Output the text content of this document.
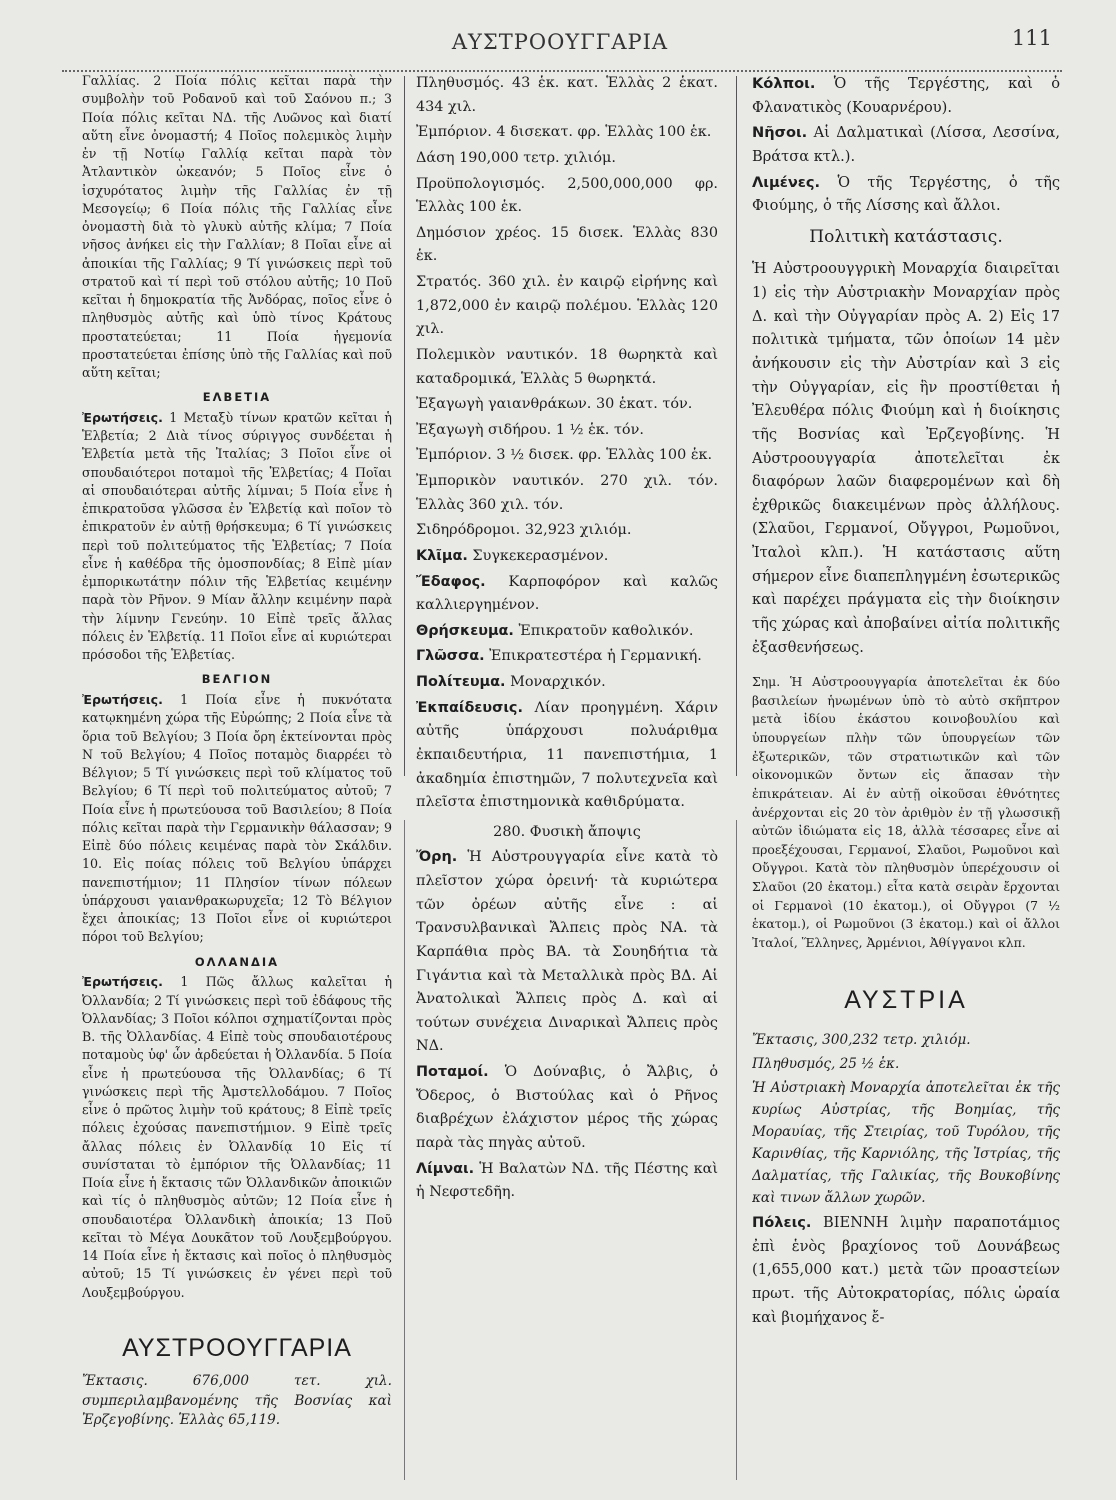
ΑΥΣΤΡΟΟΥΓΓΑΡΙΑ	111

Γαλλίας. 2 Ποία πόλις κεῖται παρὰ τὴν συμβολὴν τοῦ Ροδανοῦ καὶ τοῦ Σαόνου π.; 3 Ποία πόλις κεῖται ΝΔ. τῆς Λυῶνος καὶ διατί αὕτη εἶνε ὀνομαστή; 4 Ποῖος πολεμικὸς λιμὴν ἐν τῇ Νοτίῳ Γαλλίᾳ κεῖται παρὰ τὸν Ἀτλαντικὸν ὠκεανόν; 5 Ποῖος εἶνε ὁ ἰσχυρότατος λιμὴν τῆς Γαλλίας ἐν τῇ Μεσογείῳ; 6 Ποία πόλις τῆς Γαλλίας εἶνε ὀνομαστὴ διὰ τὸ γλυκὺ αὐτῆς κλίμα; 7 Ποία νῆσος ἀνήκει εἰς τὴν Γαλλίαν; 8 Ποῖαι εἶνε αἱ ἀποικίαι τῆς Γαλλίας; 9 Τί γινώσκεις περὶ τοῦ στρατοῦ καὶ τί περὶ τοῦ στόλου αὐτῆς; 10 Ποῦ κεῖται ἡ δημοκρατία τῆς Ἀνδόρας, ποῖος εἶνε ὁ πληθυσμὸς αὐτῆς καὶ ὑπὸ τίνος Κράτους προστατεύεται; 11 Ποία ἡγεμονία προστατεύεται ἐπίσης ὑπὸ τῆς Γαλλίας καὶ ποῦ αὕτη κεῖται;

ΕΛΒΕΤΙΑ

Ἐρωτήσεις. 1 Μεταξὺ τίνων κρατῶν κεῖται ἡ Ἑλβετία; 2 Διὰ τίνος σύριγγος συνδέεται ἡ Ἑλβετία μετὰ τῆς Ἰταλίας; 3 Ποῖοι εἶνε οἱ σπουδαιότεροι ποταμοὶ τῆς Ἑλβετίας; 4 Ποῖαι αἱ σπουδαιότεραι αὐτῆς λίμναι; 5 Ποία εἶνε ἡ ἐπικρατοῦσα γλῶσσα ἐν Ἑλβετίᾳ καὶ ποῖον τὸ ἐπικρατοῦν ἐν αὐτῇ θρήσκευμα; 6 Τί γινώσκεις περὶ τοῦ πολιτεύματος τῆς Ἑλβετίας; 7 Ποία εἶνε ἡ καθέδρα τῆς ὁμοσπονδίας; 8 Εἰπὲ μίαν ἐμπορικωτάτην πόλιν τῆς Ἑλβετίας κειμένην παρὰ τὸν Ρῆνον. 9 Μίαν ἄλλην κειμένην παρὰ τὴν λίμνην Γενεύην. 10 Εἰπὲ τρεῖς ἄλλας πόλεις ἐν Ἑλβετίᾳ. 11 Ποῖοι εἶνε αἱ κυριώτεραι πρόσοδοι τῆς Ἑλβετίας.

ΒΕΛΓΙΟΝ

Ἐρωτήσεις. 1 Ποία εἶνε ἡ πυκνότατα κατῳκημένη χώρα τῆς Εὐρώπης; 2 Ποία εἶνε τὰ ὅρια τοῦ Βελγίου; 3 Ποία ὄρη ἐκτείνονται πρὸς Ν τοῦ Βελγίου; 4 Ποῖος ποταμὸς διαρρέει τὸ Βέλγιον; 5 Τί γινώσκεις περὶ τοῦ κλίματος τοῦ Βελγίου; 6 Τί περὶ τοῦ πολιτεύματος αὐτοῦ; 7 Ποία εἶνε ἡ πρωτεύουσα τοῦ Βασιλείου; 8 Ποία πόλις κεῖται παρὰ τὴν Γερμανικὴν θάλασσαν; 9 Εἰπὲ δύο πόλεις κειμένας παρὰ τὸν Σκάλδιν. 10. Εἰς ποίας πόλεις τοῦ Βελγίου ὑπάρχει πανεπιστήμιον; 11 Πλησίον τίνων πόλεων ὑπάρχουσι γαιανθρακωρυχεῖα; 12 Τὸ Βέλγιον ἔχει ἀποικίας; 13 Ποῖοι εἶνε οἱ κυριώτεροι πόροι τοῦ Βελγίου;

ΟΛΛΑΝΔΙΑ

Ἐρωτήσεις. 1 Πῶς ἄλλως καλεῖται ἡ Ὀλλανδία; 2 Τί γινώσκεις περὶ τοῦ ἐδάφους τῆς Ὀλλανδίας; 3 Ποῖοι κόλποι σχηματίζονται πρὸς Β. τῆς Ὀλλανδίας. 4 Εἰπὲ τοὺς σπουδαιοτέρους ποταμοὺς ὑφ' ὧν ἀρδεύεται ἡ Ὀλλανδία. 5 Ποία εἶνε ἡ πρωτεύουσα τῆς Ὀλλανδίας; 6 Τί γινώσκεις περὶ τῆς Ἀμστελλοδάμου. 7 Ποῖος εἶνε ὁ πρῶτος λιμὴν τοῦ κράτους; 8 Εἰπὲ τρεῖς πόλεις ἐχούσας πανεπιστήμιον. 9 Εἰπὲ τρεῖς ἄλλας πόλεις ἐν Ὀλλανδίᾳ 10 Εἰς τί συνίσταται τὸ ἐμπόριον τῆς Ὀλλανδίας; 11 Ποία εἶνε ἡ ἔκτασις τῶν Ὀλλανδικῶν ἀποικιῶν καὶ τίς ὁ πληθυσμὸς αὐτῶν; 12 Ποία εἶνε ἡ σπουδαιοτέρα Ὀλλανδικὴ ἀποικία; 13 Ποῦ κεῖται τὸ Μέγα Δουκᾶτον τοῦ Λουξεμβούργου. 14 Ποία εἶνε ἡ ἔκτασις καὶ ποῖος ὁ πληθυσμὸς αὐτοῦ; 15 Τί γινώσκεις ἐν γένει περὶ τοῦ Λουξεμβούργου.

ΑΥΣΤΡΟΟΥΓΓΑΡΙΑ

Ἔκτασις. 676,000 τετ. χιλ. συμπεριλαμβανομένης τῆς Βοσνίας καὶ Ἐρζεγοβίνης. Ἑλλὰς 65,119.

Πληθυσμός. 43 ἑκ. κατ. Ἑλλὰς 2 ἑκατ. 434 χιλ.

Ἐμπόριον. 4 δισεκατ. φρ. Ἑλλὰς 100 ἑκ.

Δάση 190,000 τετρ. χιλιόμ.

Προϋπολογισμός. 2,500,000,000 φρ. Ἑλλὰς 100 ἑκ.

Δημόσιον χρέος. 15 δισεκ. Ἑλλὰς 830 ἑκ.

Στρατός. 360 χιλ. ἐν καιρῷ εἰρήνης καὶ 1,872,000 ἐν καιρῷ πολέμου. Ἑλλὰς 120 χιλ.

Πολεμικὸν ναυτικόν. 18 θωρηκτὰ καὶ καταδρομικά, Ἑλλὰς 5 θωρηκτά.

Ἐξαγωγὴ γαιανθράκων. 30 ἑκατ. τόν.

Ἐξαγωγὴ σιδήρου. 1 ½ ἑκ. τόν.

Ἐμπόριον. 3 ½ δισεκ. φρ. Ἑλλὰς 100 ἑκ.

Ἐμπορικὸν ναυτικόν. 270 χιλ. τόν. Ἑλλὰς 360 χιλ. τόν.

Σιδηρόδρομοι. 32,923 χιλιόμ.

Κλῖμα. Συγκεκερασμένον.

Ἔδαφος. Καρποφόρον καὶ καλῶς καλλιεργημένον.

Θρήσκευμα. Ἐπικρατοῦν καθολικόν.

Γλῶσσα. Ἐπικρατεστέρα ἡ Γερμανική.

Πολίτευμα. Μοναρχικόν.

Ἐκπαίδευσις. Λίαν προηγμένη. Χάριν αὐτῆς ὑπάρχουσι πολυάριθμα ἐκπαιδευτήρια, 11 πανεπιστήμια, 1 ἀκαδημία ἐπιστημῶν, 7 πολυτεχνεῖα καὶ πλεῖστα ἐπιστημονικὰ καθιδρύματα.

280. Φυσικὴ ἄποψις

Ὄρη. Ἡ Αὐστρουγγαρία εἶνε κατὰ τὸ πλεῖστον χώρα ὀρεινή· τὰ κυριώτερα τῶν ὀρέων αὐτῆς εἶνε : αἱ Τρανσυλβανικαὶ Ἄλπεις πρὸς ΝΑ. τὰ Καρπάθια πρὸς ΒΑ. τὰ Σουηδήτια τὰ Γιγάντια καὶ τὰ Μεταλλικὰ πρὸς ΒΔ. Αἱ Ἀνατολικαὶ Ἄλπεις πρὸς Δ. καὶ αἱ τούτων συνέχεια Διναρικαὶ Ἄλπεις πρὸς ΝΔ.

Ποταμοί. Ὁ Δούναβις, ὁ Ἄλβις, ὁ Ὄδερος, ὁ Βιστούλας καὶ ὁ Ρῆνος διαβρέχων ἐλάχιστον μέρος τῆς χώρας παρὰ τὰς πηγὰς αὐτοῦ.

Λίμναι. Ἡ Βαλατὼν ΝΔ. τῆς Πέστης καὶ ἡ Νεφστεδῆη.

Κόλποι. Ὁ τῆς Τεργέστης, καὶ ὁ Φλανατικὸς (Κουαρνέρου).

Νῆσοι. Αἱ Δαλματικαὶ (Λίσσα, Λεσσίνα, Βράτσα κτλ.).

Λιμένες. Ὁ τῆς Τεργέστης, ὁ τῆς Φιούμης, ὁ τῆς Λίσσης καὶ ἄλλοι.

Πολιτικὴ κατάστασις.

Ἡ Αὐστροουγγρικὴ Μοναρχία διαιρεῖται 1) εἰς τὴν Αὐστριακὴν Μοναρχίαν πρὸς Δ. καὶ τὴν Οὐγγαρίαν πρὸς Α. 2) Εἰς 17 πολιτικὰ τμήματα, τῶν ὁποίων 14 μὲν ἀνήκουσιν εἰς τὴν Αὐστρίαν καὶ 3 εἰς τὴν Οὐγγαρίαν, εἰς ἣν προστίθεται ἡ Ἐλευθέρα πόλις Φιούμη καὶ ἡ διοίκησις τῆς Βοσνίας καὶ Ἐρζεγοβίνης. Ἡ Αὐστροουγγαρία ἀποτελεῖται ἐκ διαφόρων λαῶν διαφερομένων καὶ δὴ ἐχθρικῶς διακειμένων πρὸς ἀλλήλους. (Σλαῦοι, Γερμανοί, Οὔγγροι, Ρωμοῦνοι, Ἰταλοὶ κλπ.). Ἡ κατάστασις αὕτη σήμερον εἶνε διαπεπληγμένη ἐσωτερικῶς καὶ παρέχει πράγματα εἰς τὴν διοίκησιν τῆς χώρας καὶ ἀποβαίνει αἰτία πολιτικῆς ἐξασθενήσεως.

Σημ. Ἡ Αὐστροουγγαρία ἀποτελεῖται ἐκ δύο βασιλείων ἡνωμένων ὑπὸ τὸ αὐτὸ σκῆπτρον μετὰ ἰδίου ἑκάστου κοινοβουλίου καὶ ὑπουργείων πλὴν τῶν ὑπουργείων τῶν ἐξωτερικῶν, τῶν στρατιωτικῶν καὶ τῶν οἰκονομικῶν ὄντων εἰς ἅπασαν τὴν ἐπικράτειαν. Αἱ ἐν αὐτῇ οἰκοῦσαι ἐθνότητες ἀνέρχονται εἰς 20 τὸν ἀριθμὸν ἐν τῇ γλωσσικῇ αὐτῶν ἰδιώματα εἰς 18, ἀλλὰ τέσσαρες εἶνε αἱ προεξέχουσαι, Γερμανοί, Σλαῦοι, Ρωμοῦνοι καὶ Οὔγγροι. Κατὰ τὸν πληθυσμὸν ὑπερέχουσιν οἱ Σλαῦοι (20 ἑκατομ.) εἶτα κατὰ σειρὰν ἔρχονται οἱ Γερμανοὶ (10 ἑκατομ.), οἱ Οὔγγροι (7 ½ ἑκατομ.), οἱ Ρωμοῦνοι (3 ἑκατομ.) καὶ οἱ ἄλλοι Ἰταλοί, Ἕλληνες, Ἀρμένιοι, Ἀθίγγανοι κλπ.

ΑΥΣΤΡΙΑ

Ἔκτασις, 300,232 τετρ. χιλιόμ.

Πληθυσμός, 25 ½ ἑκ.

Ἡ Αὐστριακὴ Μοναρχία ἀποτελεῖται ἐκ τῆς κυρίως Αὐστρίας, τῆς Βοημίας, τῆς Μοραυίας, τῆς Στειρίας, τοῦ Τυρόλου, τῆς Καρινθίας, τῆς Καρνιόλης, τῆς Ἰστρίας, τῆς Δαλματίας, τῆς Γαλικίας, τῆς Βουκοβίνης καὶ τινων ἄλλων χωρῶν.

Πόλεις. ΒΙΕΝΝΗ λιμὴν παραποτάμιος ἐπὶ ἑνὸς βραχίονος τοῦ Δουνάβεως (1,655,000 κατ.) μετὰ τῶν προαστείων πρωτ. τῆς Αὐτοκρατορίας, πόλις ὡραία καὶ βιομήχανος ἔ-
